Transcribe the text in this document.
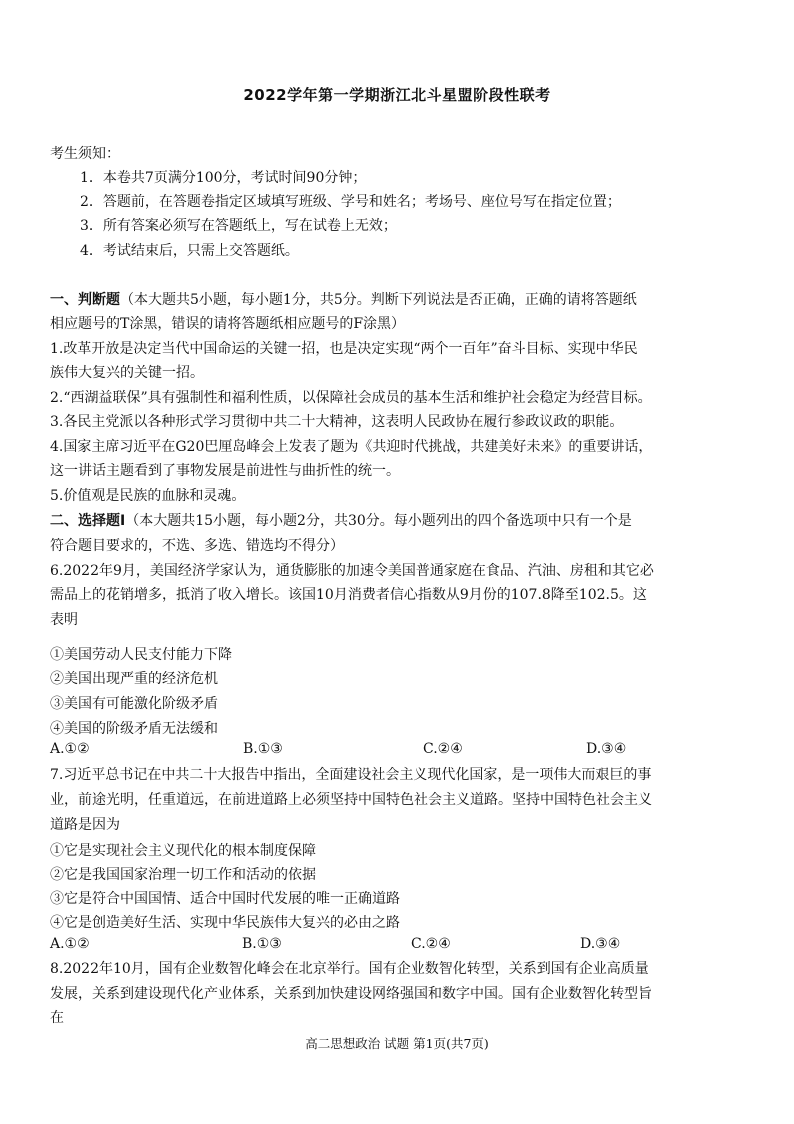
2022学年第一学期浙江北斗星盟阶段性联考
考生须知：
1．本卷共7页满分100分，考试时间90分钟；
2．答题前，在答题卷指定区域填写班级、学号和姓名；考场号、座位号写在指定位置；
3．所有答案必须写在答题纸上，写在试卷上无效；
4．考试结束后，只需上交答题纸。
一、判断题（本大题共5小题，每小题1分，共5分。判断下列说法是否正确，正确的请将答题纸
相应题号的T涂黑，错误的请将答题纸相应题号的F涂黑）
1.改革开放是决定当代中国命运的关键一招，也是决定实现“两个一百年”奋斗目标、实现中华民
族伟大复兴的关键一招。
2.“西湖益联保”具有强制性和福利性质，以保障社会成员的基本生活和维护社会稳定为经营目标。
3.各民主党派以各种形式学习贯彻中共二十大精神，这表明人民政协在履行参政议政的职能。
4.国家主席习近平在G20巴厘岛峰会上发表了题为《共迎时代挑战，共建美好未来》的重要讲话，
这一讲话主题看到了事物发展是前进性与曲折性的统一。
5.价值观是民族的血脉和灵魂。
二、选择题Ⅰ（本大题共15小题，每小题2分，共30分。每小题列出的四个备选项中只有一个是
符合题目要求的，不选、多选、错选均不得分）
6.2022年9月，美国经济学家认为，通货膨胀的加速令美国普通家庭在食品、汽油、房租和其它必
需品上的花销增多，抵消了收入增长。该国10月消费者信心指数从9月份的107.8降至102.5。这
表明
①美国劳动人民支付能力下降
②美国出现严重的经济危机
③美国有可能激化阶级矛盾
④美国的阶级矛盾无法缓和
A.①②	B.①③	C.②④	D.③④
7.习近平总书记在中共二十大报告中指出，全面建设社会主义现代化国家，是一项伟大而艰巨的事
业，前途光明，任重道远，在前进道路上必须坚持中国特色社会主义道路。坚持中国特色社会主义
道路是因为
①它是实现社会主义现代化的根本制度保障
②它是我国国家治理一切工作和活动的依据
③它是符合中国国情、适合中国时代发展的唯一正确道路
④它是创造美好生活、实现中华民族伟大复兴的必由之路
A.①②	B.①③	C.②④	D.③④
8.2022年10月，国有企业数智化峰会在北京举行。国有企业数智化转型，关系到国有企业高质量
发展，关系到建设现代化产业体系，关系到加快建设网络强国和数字中国。国有企业数智化转型旨
在
高二思想政治 试题 第1页(共7页)
